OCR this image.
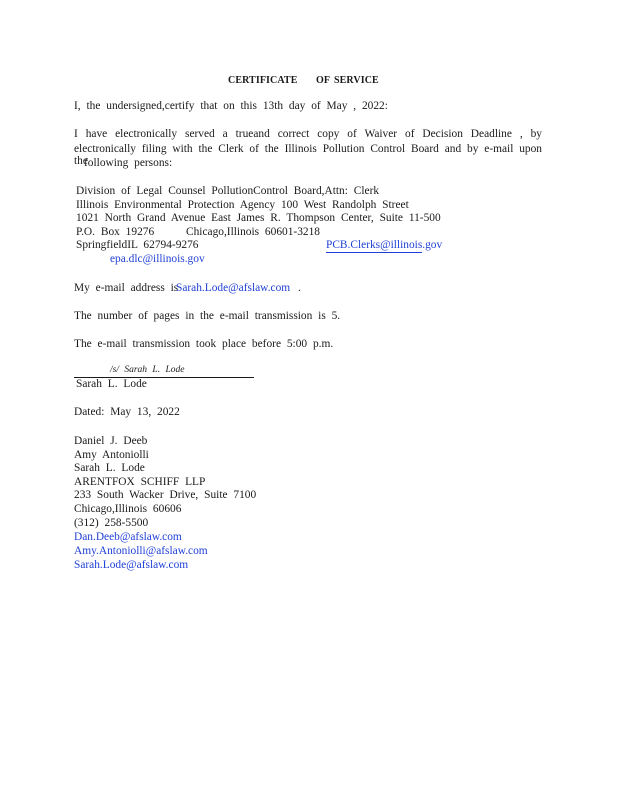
CERTIFICATE OF SERVICE
I, the undersigned,certify that on this 13th day of May , 2022:
I have electronically served a trueand correct copy of Waiver of Decision Deadline , by
electronically filing with the Clerk of the Illinois Pollution Control Board and by e-mail upon the
following persons:
Division of Legal Counsel PollutionControl Board,Attn: Clerk
Illinois Environmental Protection Agency 100 West Randolph Street
1021 North Grand Avenue East James R. Thompson Center, Suite 11-500
P.O. Box 19276	Chicago,Illinois 60601-3218
SpringfieldIL 62794-9276	PCB.Clerks@illinois.gov
epa.dlc@illinois.gov
My e-mail address is
Sarah.Lode@afslaw.com .
The number of pages in the e-mail transmission is 5.
The e-mail transmission took place before 5:00 p.m.
/s/ Sarah L. Lode
Sarah L. Lode
Dated: May 13, 2022
Daniel J. Deeb
Amy Antoniolli
Sarah L. Lode
ARENTFOX SCHIFF LLP
233 South Wacker Drive, Suite 7100
Chicago,Illinois 60606
(312) 258-5500
Dan.Deeb@afslaw.com
Amy.Antoniolli@afslaw.com
Sarah.Lode@afslaw.com
